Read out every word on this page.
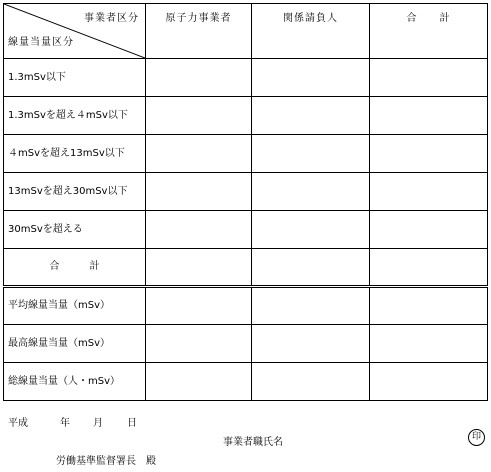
事業者区分
線量当量区分	原子力事業者	関係請負人	合　　計
1.3mSv以下			
1.3mSvを超え４mSv以下			
４mSvを超え13mSv以下			
13mSvを超え30mSv以下			
30mSvを超える			
合　　　計			
平均線量当量（mSv）			
最高線量当量（mSv）			
総線量当量（人・mSv）			
平成	年 月 日
事業者職氏名	印
労働基準監督署長　殿
